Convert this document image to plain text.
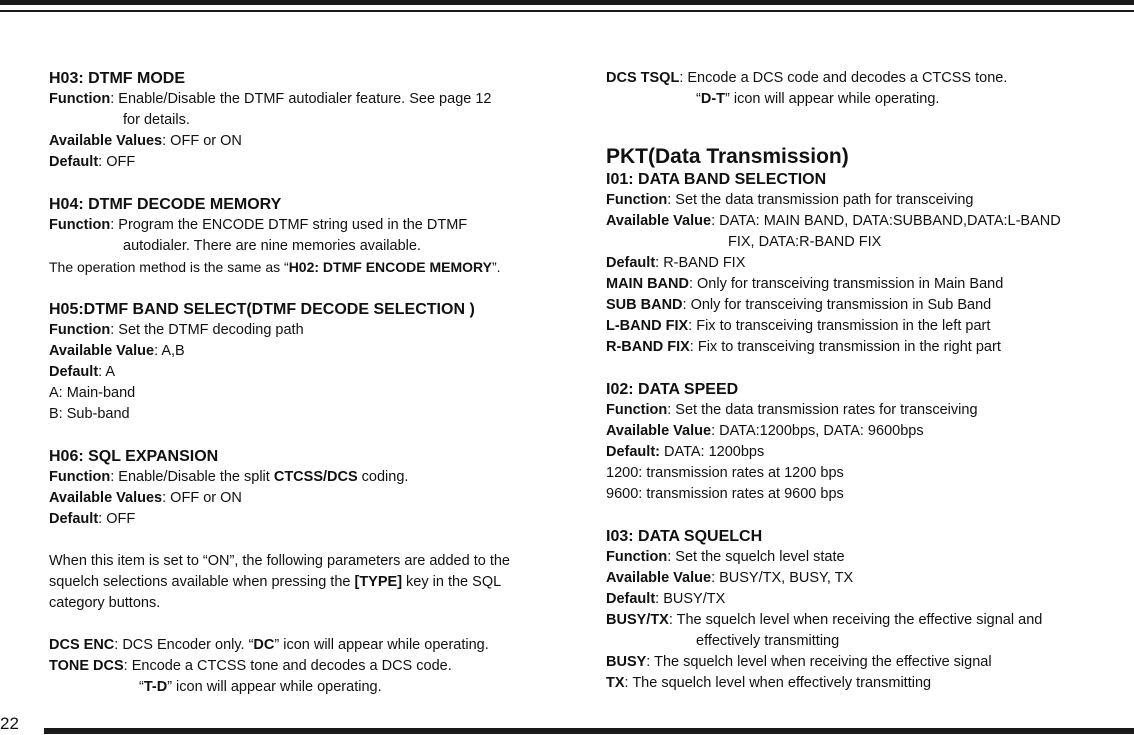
H03: DTMF MODE

Function: Enable/Disable the DTMF autodialer feature. See page 12

for details.

Available Values: OFF or ON

Default: OFF

H04: DTMF DECODE MEMORY

Function: Program the ENCODE DTMF string used in the DTMF

autodialer. There are nine memories available.

The operation method is the same as “H02: DTMF ENCODE MEMORY”.

H05:DTMF BAND SELECT(DTMF DECODE SELECTION )

Function: Set the DTMF decoding path

Available Value: A,B

Default: A

A: Main-band

B: Sub-band

H06: SQL EXPANSION

Function: Enable/Disable the split CTCSS/DCS coding.

Available Values: OFF or ON

Default: OFF

When this item is set to “ON”, the following parameters are added to the

squelch selections available when pressing the [TYPE] key in the SQL

category buttons.

DCS ENC: DCS Encoder only. “DC” icon will appear while operating.

TONE DCS: Encode a CTCSS tone and decodes a DCS code.

“T-D” icon will appear while operating.

DCS TSQL: Encode a DCS code and decodes a CTCSS tone.

“D-T” icon will appear while operating.

PKT(Data Transmission)

I01: DATA BAND SELECTION

Function: Set the data transmission path for transceiving

Available Value: DATA: MAIN BAND, DATA:SUBBAND,DATA:L-BAND

FIX, DATA:R-BAND FIX

Default: R-BAND FIX

MAIN BAND: Only for transceiving transmission in Main Band

SUB BAND: Only for transceiving transmission in Sub Band

L-BAND FIX: Fix to transceiving transmission in the left part

R-BAND FIX: Fix to transceiving transmission in the right part

I02: DATA SPEED

Function: Set the data transmission rates for transceiving

Available Value: DATA:1200bps, DATA: 9600bps

Default: DATA: 1200bps

1200: transmission rates at 1200 bps

9600: transmission rates at 9600 bps

I03: DATA SQUELCH

Function: Set the squelch level state

Available Value: BUSY/TX, BUSY, TX

Default: BUSY/TX

BUSY/TX: The squelch level when receiving the effective signal and

effectively transmitting

BUSY: The squelch level when receiving the effective signal

TX: The squelch level when effectively transmitting

22
